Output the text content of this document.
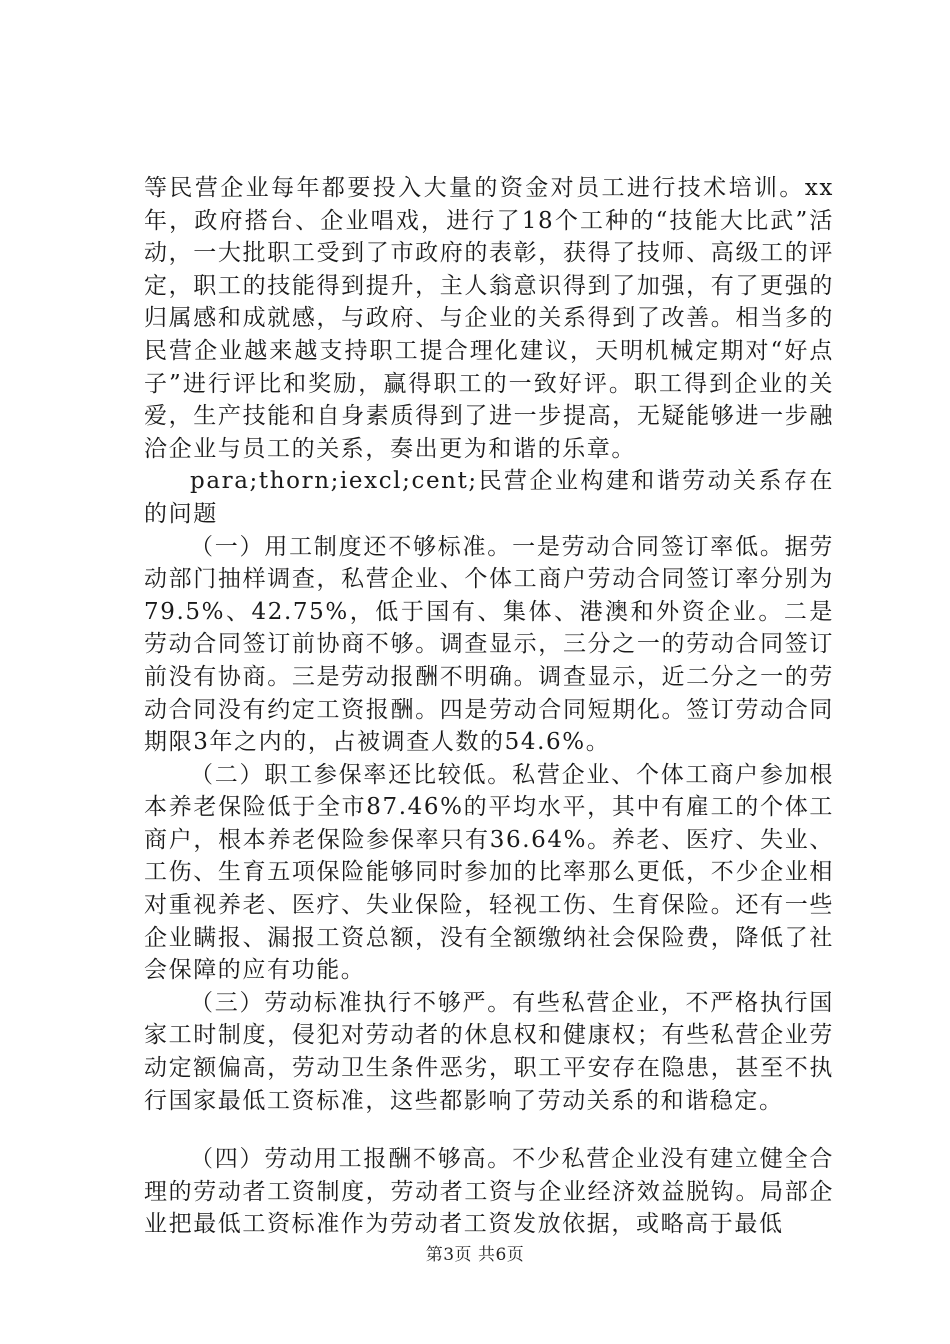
等民营企业每年都要投入大量的资金对员工进行技术培训。xx年，政府搭台、企业唱戏，进行了18个工种的“技能大比武”活动，一大批职工受到了市政府的表彰，获得了技师、高级工的评定，职工的技能得到提升，主人翁意识得到了加强，有了更强的归属感和成就感，与政府、与企业的关系得到了改善。相当多的民营企业越来越支持职工提合理化建议，天明机械定期对“好点子”进行评比和奖励，赢得职工的一致好评。职工得到企业的关爱，生产技能和自身素质得到了进一步提高，无疑能够进一步融洽企业与员工的关系，奏出更为和谐的乐章。

para;thorn;iexcl;cent;民营企业构建和谐劳动关系存在的问题

（一）用工制度还不够标准。一是劳动合同签订率低。据劳动部门抽样调查，私营企业、个体工商户劳动合同签订率分别为79.5%、42.75%，低于国有、集体、港澳和外资企业。二是劳动合同签订前协商不够。调查显示，三分之一的劳动合同签订前没有协商。三是劳动报酬不明确。调查显示，近二分之一的劳动合同没有约定工资报酬。四是劳动合同短期化。签订劳动合同期限3年之内的，占被调查人数的54.6%。

（二）职工参保率还比较低。私营企业、个体工商户参加根本养老保险低于全市87.46%的平均水平，其中有雇工的个体工商户，根本养老保险参保率只有36.64%。养老、医疗、失业、工伤、生育五项保险能够同时参加的比率那么更低，不少企业相对重视养老、医疗、失业保险，轻视工伤、生育保险。还有一些企业瞒报、漏报工资总额，没有全额缴纳社会保险费，降低了社会保障的应有功能。

（三）劳动标准执行不够严。有些私营企业，不严格执行国家工时制度，侵犯对劳动者的休息权和健康权；有些私营企业劳动定额偏高，劳动卫生条件恶劣，职工平安存在隐患，甚至不执行国家最低工资标准，这些都影响了劳动关系的和谐稳定。

（四）劳动用工报酬不够高。不少私营企业没有建立健全合理的劳动者工资制度，劳动者工资与企业经济效益脱钩。局部企业把最低工资标准作为劳动者工资发放依据，或略高于最低

第3页 共6页
